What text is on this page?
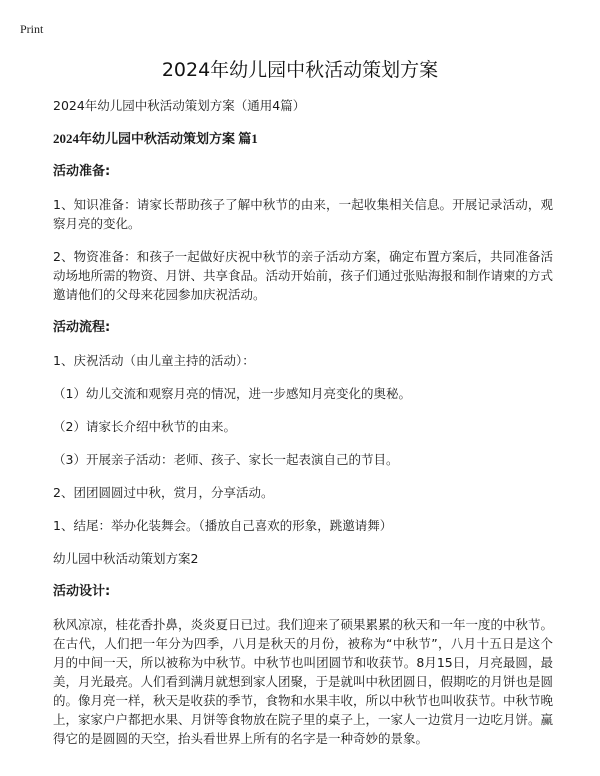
Print
2024年幼儿园中秋活动策划方案

2024年幼儿园中秋活动策划方案（通用4篇）

2024年幼儿园中秋活动策划方案 篇1

活动准备:

1、知识准备：请家长帮助孩子了解中秋节的由来，一起收集相关信息。开展记录活动，观察月亮的变化。

2、物资准备：和孩子一起做好庆祝中秋节的亲子活动方案，确定布置方案后，共同准备活动场地所需的物资、月饼、共享食品。活动开始前，孩子们通过张贴海报和制作请柬的方式邀请他们的父母来花园参加庆祝活动。

活动流程:

1、庆祝活动（由儿童主持的活动）：

（1）幼儿交流和观察月亮的情况，进一步感知月亮变化的奥秘。

（2）请家长介绍中秋节的由来。

（3）开展亲子活动：老师、孩子、家长一起表演自己的节目。

2、团团圆圆过中秋，赏月，分享活动。

1、结尾：举办化装舞会。（播放自己喜欢的形象，跳邀请舞）

幼儿园中秋活动策划方案2

活动设计:

秋风凉凉，桂花香扑鼻，炎炎夏日已过。我们迎来了硕果累累的秋天和一年一度的中秋节。在古代，人们把一年分为四季，八月是秋天的月份，被称为“中秋节”，八月十五日是这个月的中间一天，所以被称为中秋节。中秋节也叫团圆节和收获节。8月15日，月亮最圆，最美，月光最亮。人们看到满月就想到家人团聚，于是就叫中秋团圆日，假期吃的月饼也是圆的。像月亮一样，秋天是收获的季节，食物和水果丰收，所以中秋节也叫收获节。中秋节晚上，家家户户都把水果、月饼等食物放在院子里的桌子上，一家人一边赏月一边吃月饼。赢得它的是圆圆的天空，抬头看世界上所有的名字是一种奇妙的景象。
